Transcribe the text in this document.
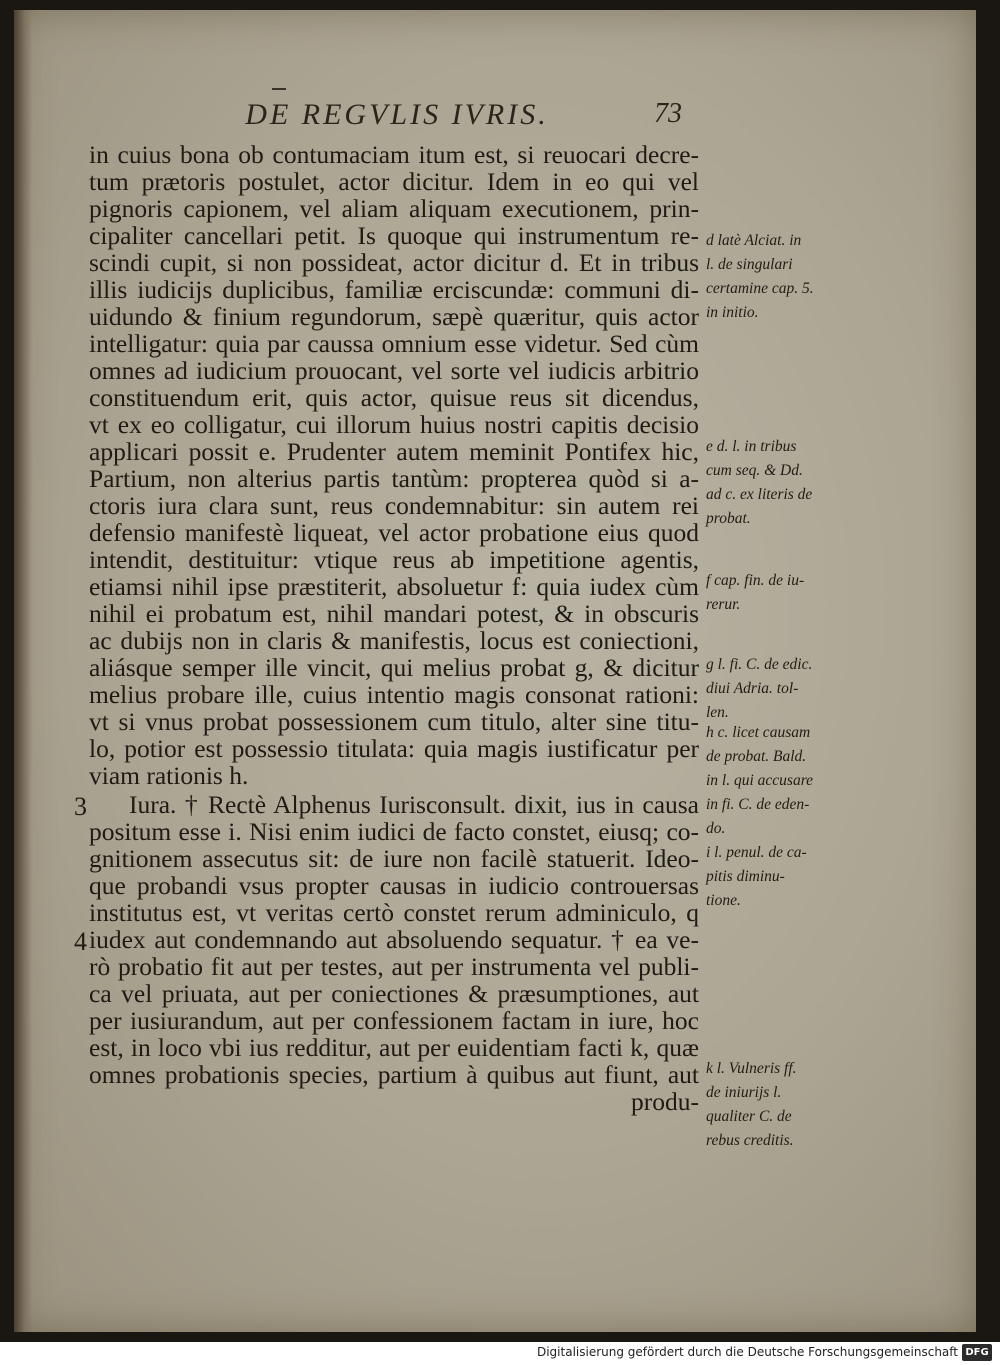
DE REGVLIS IVRIS.	73
in cuius bona ob contumaciam itum est, si reuocari decre-
tum prætoris postulet, actor dicitur. Idem in eo qui vel
pignoris capionem, vel aliam aliquam executionem, prin-
cipaliter cancellari petit. Is quoque qui instrumentum re-
scindi cupit, si non possideat, actor dicitur d. Et in tribus
illis iudicijs duplicibus, familiæ erciscundæ: communi di-
uidundo & finium regundorum, sæpè quæritur, quis actor
intelligatur: quia par caussa omnium esse videtur. Sed cùm
omnes ad iudicium prouocant, vel sorte vel iudicis arbitrio
constituendum erit, quis actor, quisue reus sit dicendus,
vt ex eo colligatur, cui illorum huius nostri capitis decisio
applicari possit e. Prudenter autem meminit Pontifex hic,
Partium, non alterius partis tantùm: propterea quòd si a-
ctoris iura clara sunt, reus condemnabitur: sin autem rei
defensio manifestè liqueat, vel actor probatione eius quod
intendit, destituitur: vtique reus ab impetitione agentis,
etiamsi nihil ipse præstiterit, absoluetur f: quia iudex cùm
nihil ei probatum est, nihil mandari potest, & in obscuris
ac dubijs non in claris & manifestis, locus est coniectioni,
aliásque semper ille vincit, qui melius probat g, & dicitur
melius probare ille, cuius intentio magis consonat rationi:
vt si vnus probat possessionem cum titulo, alter sine titu-
lo, potior est possessio titulata: quia magis iustificatur per
viam rationis h.
3 Iura. † Rectè Alphenus Iurisconsult. dixit, ius in causa
positum esse i. Nisi enim iudici de facto constet, eiusq; co-
gnitionem assecutus sit: de iure non facilè statuerit. Ideo-
que probandi vsus propter causas in iudicio controuersas
institutus est, vt veritas certò constet rerum adminiculo, q
4 iudex aut condemnando aut absoluendo sequatur. † ea ve-
rò probatio fit aut per testes, aut per instrumenta vel publi-
ca vel priuata, aut per coniectiones & præsumptiones, aut
per iusiurandum, aut per confessionem factam in iure, hoc
est, in loco vbi ius redditur, aut per euidentiam facti k, quæ
omnes probationis species, partium à quibus aut fiunt, aut
produ-
d latè Alciat. in
l. de singulari
certamine cap. 5.
in initio.
e d. l. in tribus
cum seq. & Dd.
ad c. ex literis de
probat.
f cap. fin. de iu-
rerur.
g l. fi. C. de edic.
diui Adria. tol-
len.
h c. licet causam
de probat. Bald.
in l. qui accusare
in fi. C. de eden-
do.
i l. penul. de ca-
pitis diminu-
tione.
k l. Vulneris ff.
de iniurijs l.
qualiter C. de
rebus creditis.
Digitalisierung gefördert durch die Deutsche Forschungsgemeinschaft DFG
